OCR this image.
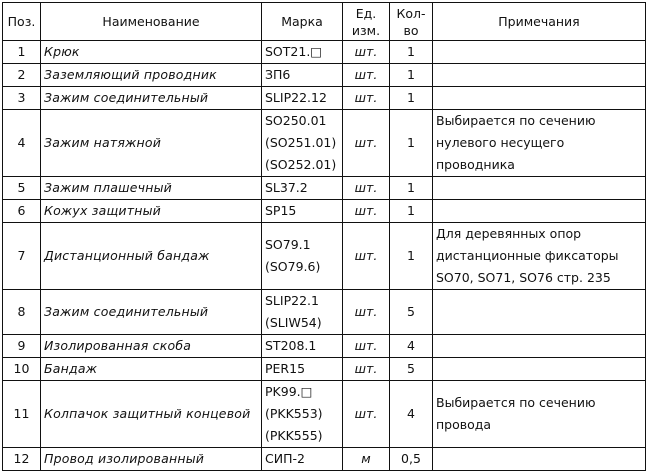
Поз.	Наименование	Марка	Ед.
изм.	Кол-
во	Примечания
1	Крюк	SOT21.□	шт.	1	
2	Заземляющий проводник	ЗП6	шт.	1	
3	Зажим соединительный	SLIP22.12	шт.	1	
4	Зажим натяжной	SO250.01
(SO251.01)
(SO252.01)	шт.	1	Выбирается по сечению
нулевого несущего
проводника

5	Зажим плашечный	SL37.2	шт.	1	
6	Кожух защитный	SP15	шт.	1	
7	Дистанционный бандаж	SO79.1
(SO79.6)	шт.	1	Для деревянных опор
дистанционные фиксаторы
SO70, SO71, SO76 стр. 235

8	Зажим соединительный	SLIP22.1
(SLIW54)	шт.	5	
9	Изолированная скоба	ST208.1	шт.	4	
10	Бандаж	PER15	шт.	5	
11	Колпачок защитный концевой	PK99.□
(PKK553)
(PKK555)	шт.	4	Выбирается по сечению
провода

12	Провод изолированный	СИП-2	м	0,5	
